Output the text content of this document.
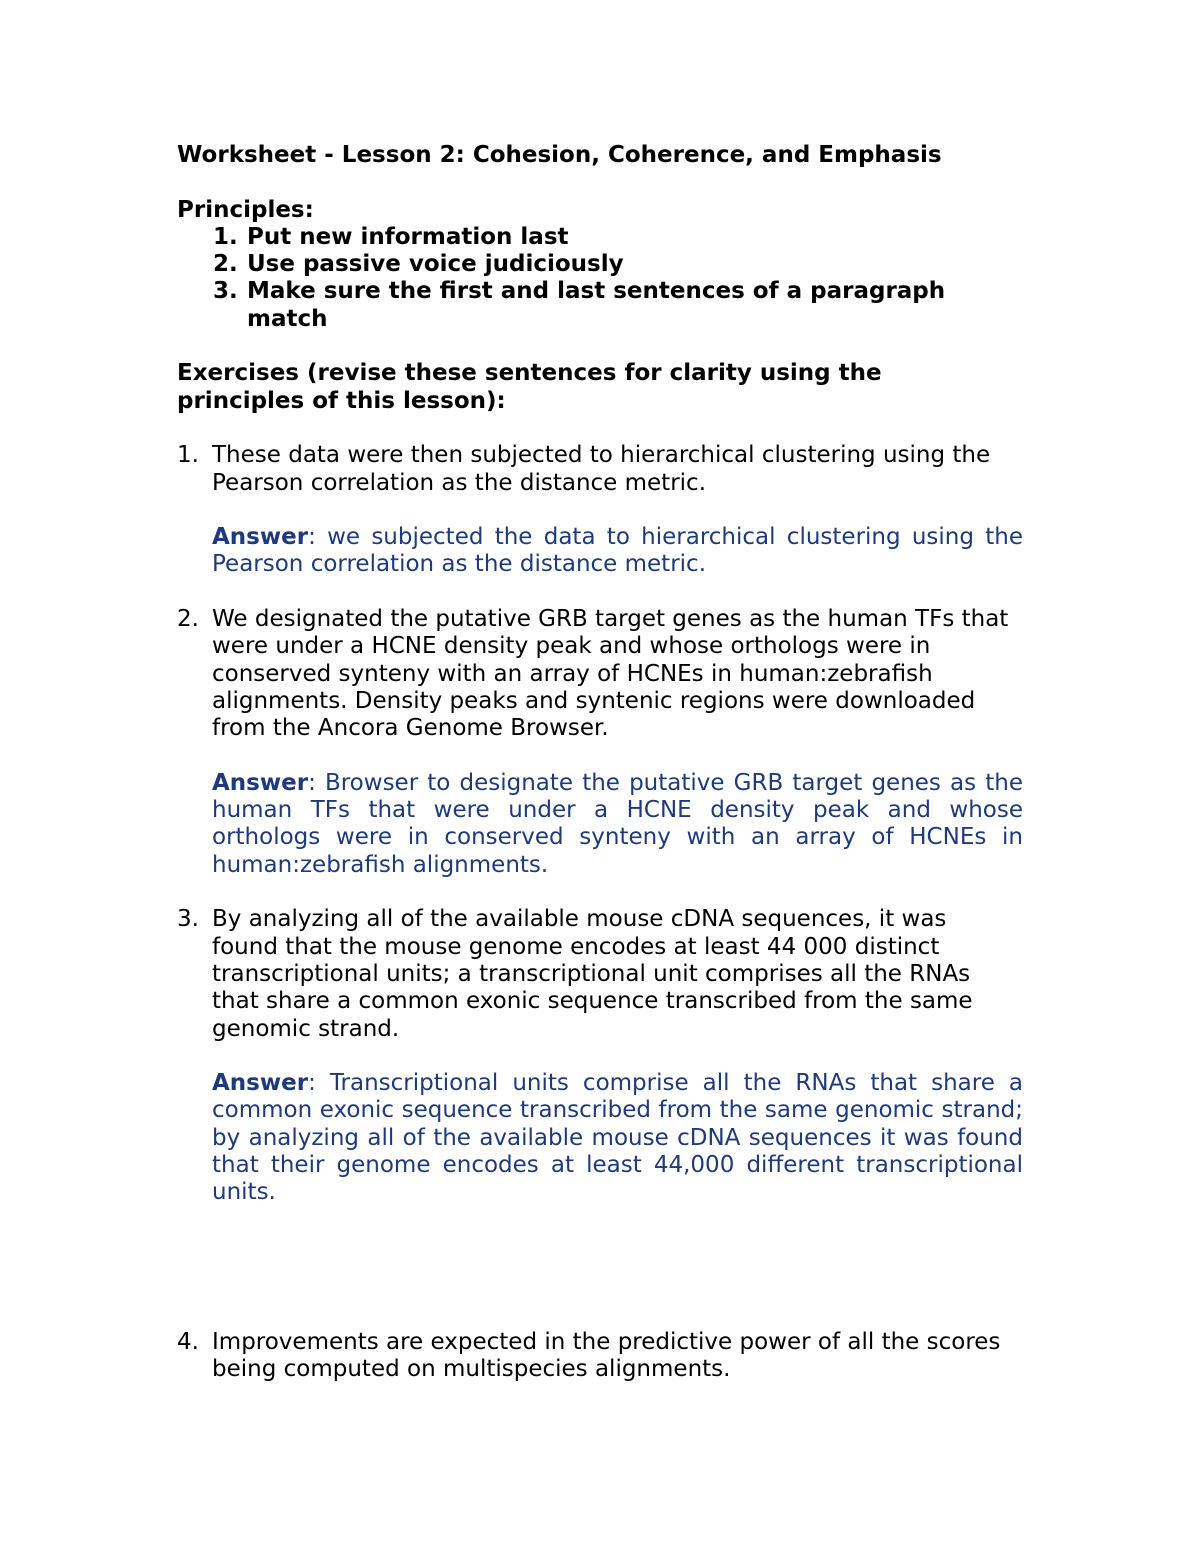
Worksheet - Lesson 2: Cohesion, Coherence, and Emphasis

Principles:

1. Put new information last
2. Use passive voice judiciously
3. Make sure the first and last sentences of a paragraph match

Exercises (revise these sentences for clarity using the principles of this lesson):

1. These data were then subjected to hierarchical clustering using the Pearson correlation as the distance metric.

Answer: we subjected the data to hierarchical clustering using the Pearson correlation as the distance metric.

2. We designated the putative GRB target genes as the human TFs that were under a HCNE density peak and whose orthologs were in conserved synteny with an array of HCNEs in human:zebrafish alignments. Density peaks and syntenic regions were downloaded from the Ancora Genome Browser.

Answer: Browser to designate the putative GRB target genes as the human TFs that were under a HCNE density peak and whose orthologs were in conserved synteny with an array of HCNEs in human:zebrafish alignments.

3. By analyzing all of the available mouse cDNA sequences, it was found that the mouse genome encodes at least 44 000 distinct transcriptional units; a transcriptional unit comprises all the RNAs that share a common exonic sequence transcribed from the same genomic strand.

Answer: Transcriptional units comprise all the RNAs that share a common exonic sequence transcribed from the same genomic strand; by analyzing all of the available mouse cDNA sequences it was found that their genome encodes at least 44,000 different transcriptional units.

4. Improvements are expected in the predictive power of all the scores being computed on multispecies alignments.
